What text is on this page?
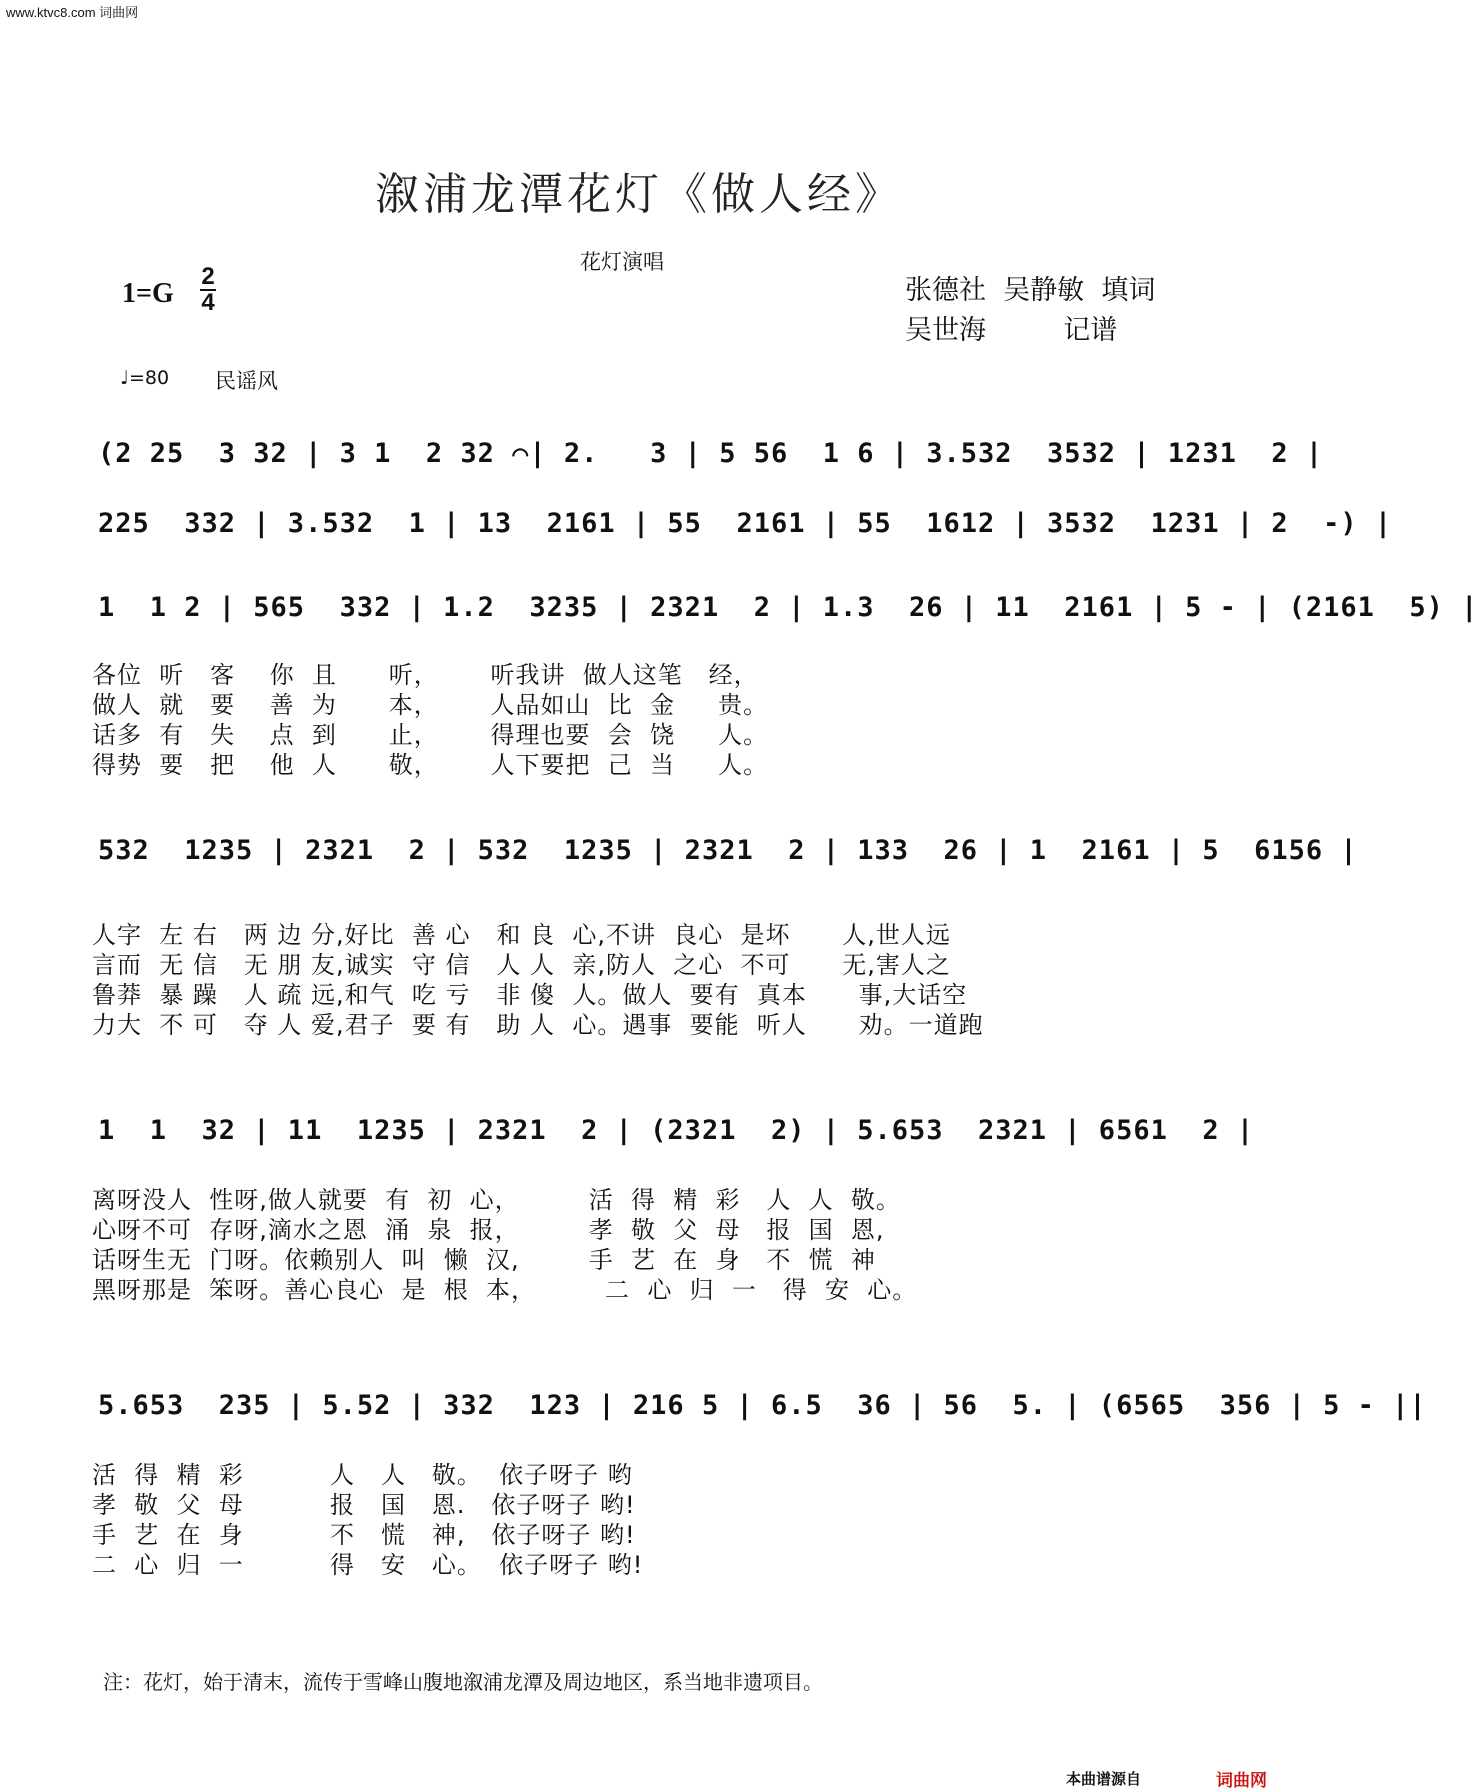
www.ktvc8.com 词曲网
溆浦龙潭花灯《做人经》
花灯演唱
1=G
2
4	张德社  吴静敏  填词
吴世海         记谱
♩=80 民谣风
(2 25  3 32 | 3 1  2 32 ⌒| 2.   3 | 5 56  1 6 | 3.532  3532 | 1231  2 |
225  332 | 3.532  1 | 13  2161 | 55  2161 | 55  1612 | 3532  1231 | 2  -) |
1  1 2 | 565  332 | 1.2  3235 | 2321  2 | 1.3  26 | 11  2161 | 5 - | (2161  5) |
各位  听   客    你  且      听，      听我讲  做人这笔   经，
做人  就   要    善  为      本，      人品如山  比  金     贵。
话多  有   失    点  到      止，      得理也要  会  饶     人。
得势  要   把    他  人      敬，      人下要把  己  当     人。
532  1235 | 2321  2 | 532  1235 | 2321  2 | 133  26 | 1  2161 | 5  6156 |
人字  左 右   两 边 分,好比  善 心   和 良  心,不讲  良心  是坏      人,世人远
言而  无 信   无 朋 友,诚实  守 信   人 人  亲,防人  之心  不可      无,害人之
鲁莽  暴 躁   人 疏 远,和气  吃 亏   非 傻  人。做人  要有  真本      事,大话空
力大  不 可   夺 人 爱,君子  要 有   助 人  心。遇事  要能  听人      劝。一道跑
1  1  32 | 11  1235 | 2321  2 | (2321  2) | 5.653  2321 | 6561  2 |
离呀没人  性呀,做人就要  有  初  心，        活  得  精  彩   人  人  敬。
心呀不可  存呀,滴水之恩  涌  泉  报，        孝  敬  父  母   报  国  恩,
话呀生无  门呀。依赖别人  叫  懒  汉,        手  艺  在  身   不  慌  神
黑呀那是  笨呀。善心良心  是  根  本，        二  心  归  一   得  安  心。
5.653  235 | 5.52 | 332  123 | 216 5 | 6.5  36 | 56  5. | (6565  356 | 5 - ||
活  得  精  彩          人   人   敬。  依子呀子 哟
孝  敬  父  母          报   国   恩.   依子呀子 哟!
手  艺  在  身          不   慌   神,   依子呀子 哟!
二  心  归  一          得   安   心。  依子呀子 哟!
注：花灯，始于清末，流传于雪峰山腹地溆浦龙潭及周边地区，系当地非遗项目。
本曲谱源自	词曲网
